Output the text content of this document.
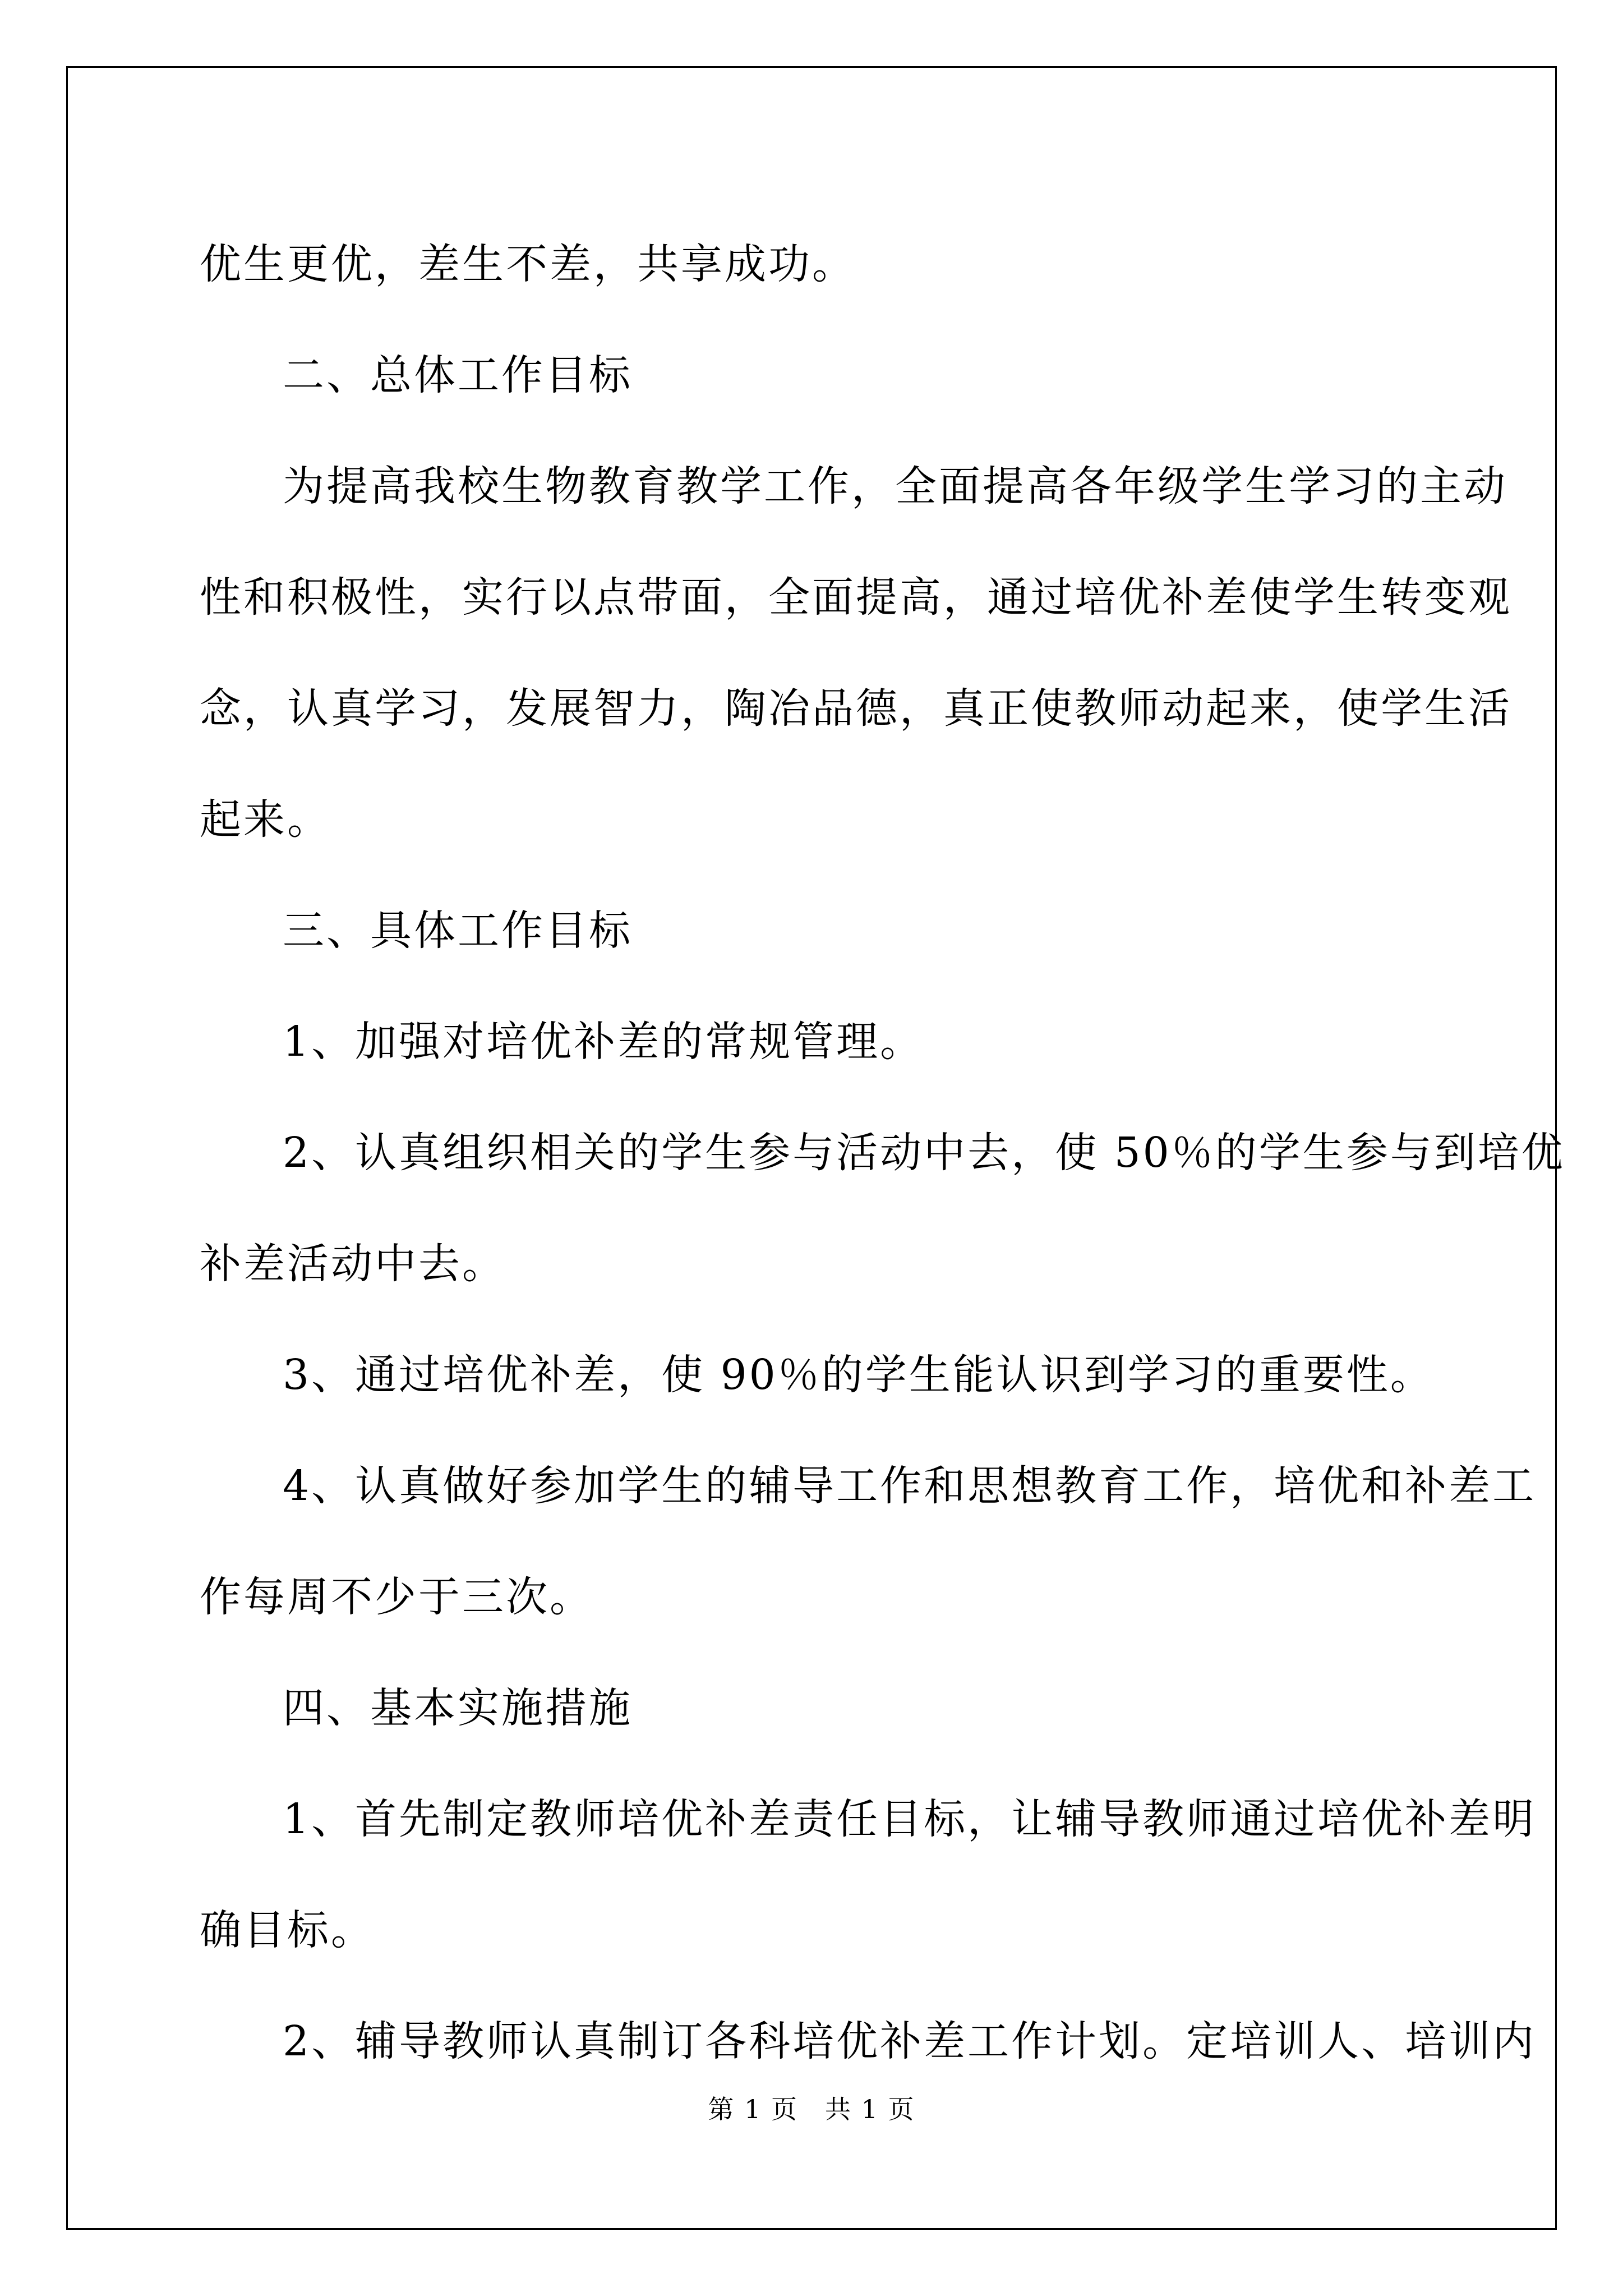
优生更优，差生不差，共享成功。

二、总体工作目标

为提高我校生物教育教学工作，全面提高各年级学生学习的主动

性和积极性，实行以点带面，全面提高，通过培优补差使学生转变观

念，认真学习，发展智力，陶冶品德，真正使教师动起来，使学生活

起来。

三、具体工作目标

1、加强对培优补差的常规管理。

2、认真组织相关的学生参与活动中去，使 50％的学生参与到培优

补差活动中去。

3、通过培优补差，使 90％的学生能认识到学习的重要性。

4、认真做好参加学生的辅导工作和思想教育工作，培优和补差工

作每周不少于三次。

四、基本实施措施

1、首先制定教师培优补差责任目标，让辅导教师通过培优补差明

确目标。

2、辅导教师认真制订各科培优补差工作计划。定培训人、培训内

第 1 页　共 1 页
